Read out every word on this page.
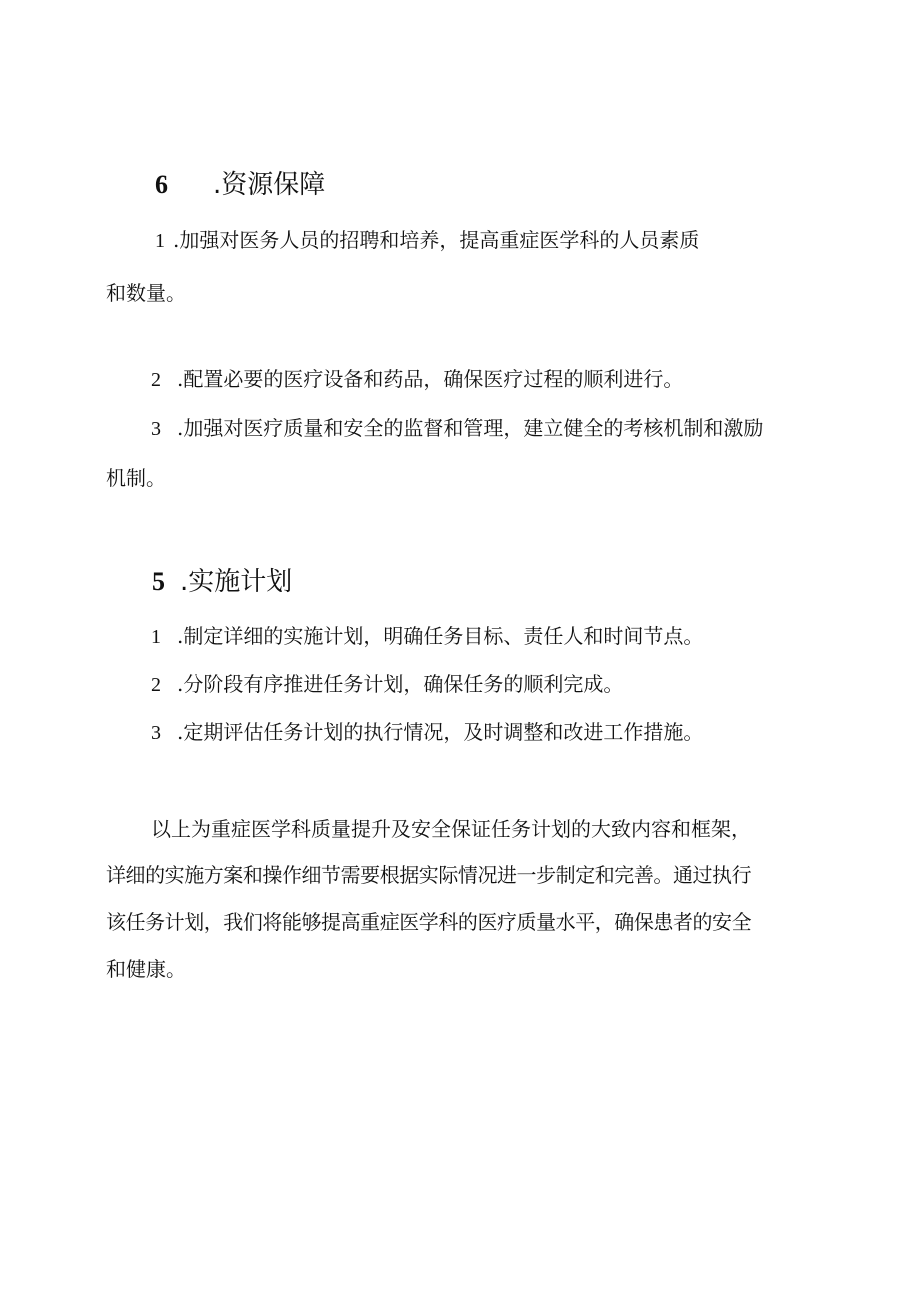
6 .资源保障
1 .加强对医务人员的招聘和培养，提高重症医学科的人员素质
和数量。
2 .配置必要的医疗设备和药品，确保医疗过程的顺利进行。
3 .加强对医疗质量和安全的监督和管理，建立健全的考核机制和激励
机制。
5 .实施计划
1 .制定详细的实施计划，明确任务目标、责任人和时间节点。
2 .分阶段有序推进任务计划，确保任务的顺利完成。
3 .定期评估任务计划的执行情况，及时调整和改进工作措施。
以上为重症医学科质量提升及安全保证任务计划的大致内容和框架，
详细的实施方案和操作细节需要根据实际情况进一步制定和完善。通过执行
该任务计划，我们将能够提高重症医学科的医疗质量水平，确保患者的安全
和健康。
